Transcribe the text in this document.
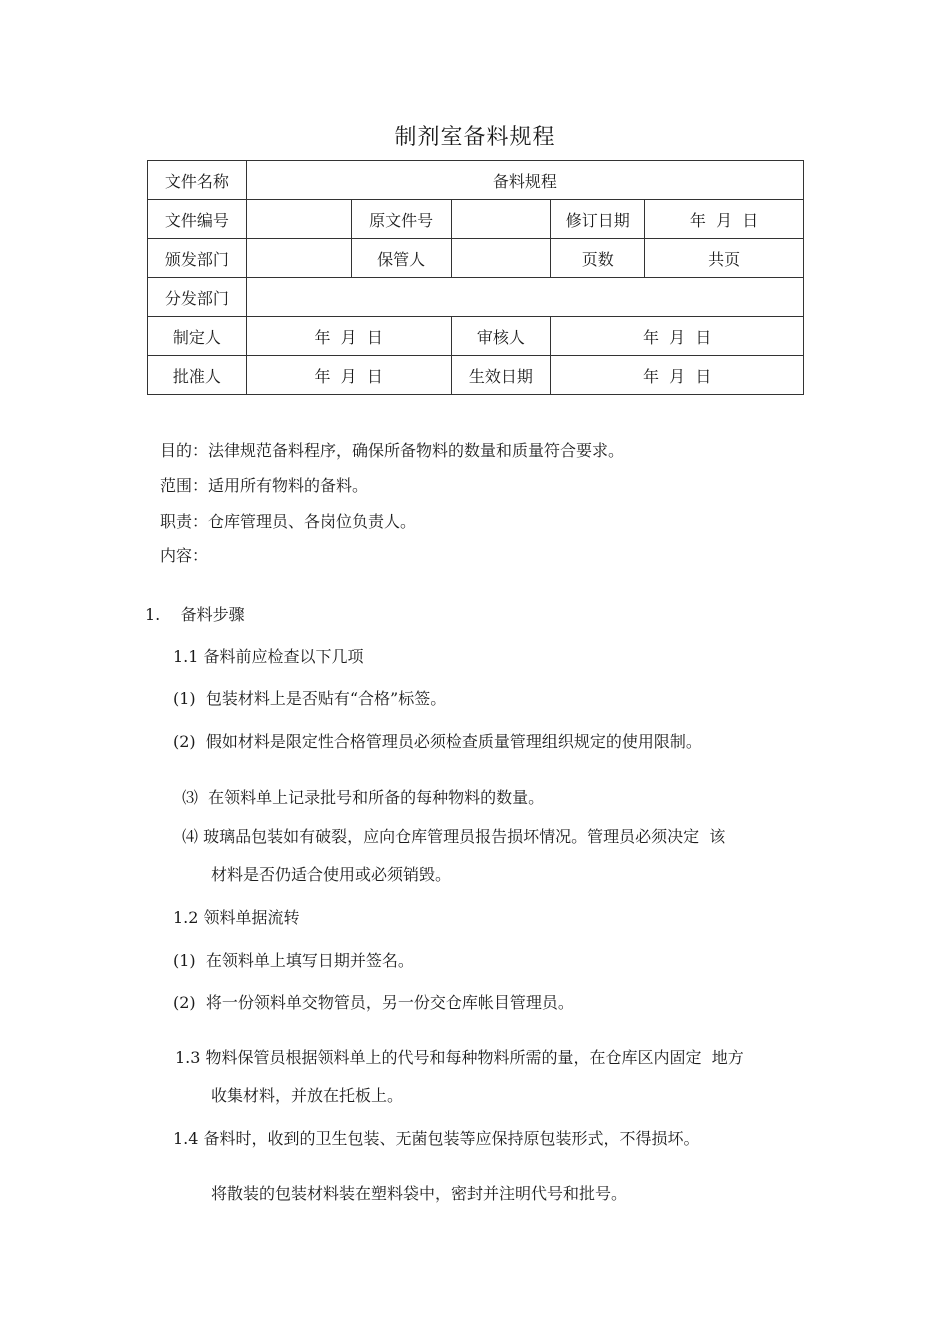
制剂室备料规程
文件名称	备料规程				
文件编号		原文件号		修订日期	年  月  日
颁发部门		保管人		页数	共页
分发部门					
制定人	年  月  日		审核人	年  月  日	
批准人	年  月  日		生效日期	年  月  日	
目的：法律规范备料程序，确保所备物料的数量和质量符合要求。
范围：适用所有物料的备料。
职责：仓库管理员、各岗位负责人。
内容：
1.    备料步骤
1.1 备料前应检查以下几项
(1)  包装材料上是否贴有“合格”标签。
(2)  假如材料是限定性合格管理员必须检查质量管理组织规定的使用限制。
⑶  在领料单上记录批号和所备的每种物料的数量。
⑷ 玻璃品包装如有破裂，应向仓库管理员报告损坏情况。管理员必须决定  该
材料是否仍适合使用或必须销毁。
1.2 领料单据流转
(1)  在领料单上填写日期并签名。
(2)  将一份领料单交物管员，另一份交仓库帐目管理员。
1.3 物料保管员根据领料单上的代号和每种物料所需的量，在仓库区内固定  地方
收集材料，并放在托板上。
1.4 备料时，收到的卫生包装、无菌包装等应保持原包装形式，不得损坏。
将散装的包装材料装在塑料袋中，密封并注明代号和批号。
